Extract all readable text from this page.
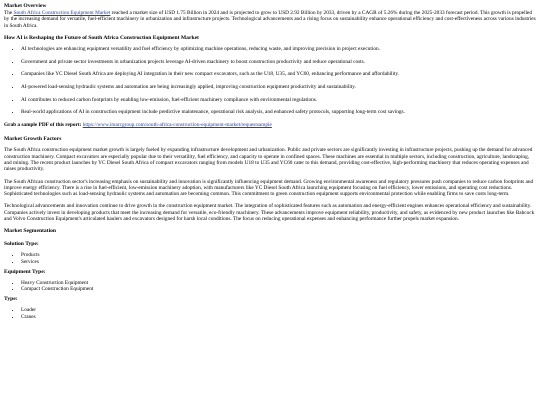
Market Overview

The South Africa Construction Equipment Market reached a market size of USD 1.75 Billion in 2024 and is projected to grow to USD 2.92 Billion by 2033, driven by a CAGR of 5.26% during the 2025-2033 forecast period. This growth is propelled by the increasing demand for versatile, fuel-efficient machinery in urbanization and infrastructure projects. Technological advancements and a rising focus on sustainability enhance operational efficiency and cost-effectiveness across various industries in South Africa.

How AI is Reshaping the Future of South Africa Construction Equipment Market
• AI technologies are enhancing equipment versatility and fuel efficiency by optimizing machine operations, reducing waste, and improving precision in project execution.
• Government and private sector investments in urbanization projects leverage AI-driven machinery to boost construction productivity and reduce operational costs.
• Companies like YC Diesel South Africa are deploying AI integration in their new compact excavators, such as the U18, U35, and YC60, enhancing performance and affordability.
• AI-powered load-sensing hydraulic systems and automation are being increasingly applied, improving construction equipment productivity and sustainability.
• AI contributes to reduced carbon footprints by enabling low-emission, fuel-efficient machinery compliance with environmental regulations.
• Real-world applications of AI in construction equipment include predictive maintenance, operational risk analysis, and enhanced safety protocols, supporting long-term cost savings.

Grab a sample PDF of this report: https://www.imarcgroup.com/south-africa-construction-equipment-market/requestsample

Market Growth Factors

The South Africa construction equipment market growth is largely fueled by expanding infrastructure development and urbanization. Public and private sectors are significantly investing in infrastructure projects, pushing up the demand for advanced construction machinery. Compact excavators are especially popular due to their versatility, fuel efficiency, and capacity to operate in confined spaces. These machines are essential in multiple sectors, including construction, agriculture, landscaping, and mining. The recent product launches by YC Diesel South Africa of compact excavators ranging from models U18 to U35 and YC60 cater to this demand, providing cost-effective, high-performing machinery that reduces operating expenses and raises productivity.

The South African construction sector's increasing emphasis on sustainability and innovation is significantly influencing equipment demand. Growing environmental awareness and regulatory pressures push companies to reduce carbon footprints and improve energy efficiency. There is a rise in fuel-efficient, low-emission machinery adoption, with manufacturers like YC Diesel South Africa launching equipment focusing on fuel efficiency, lower emissions, and operating cost reductions. Sophisticated technologies such as load-sensing hydraulic systems and automation are becoming common. This commitment to green construction equipment supports environmental protection while enabling firms to save costs long-term.

Technological advancements and innovation continue to drive growth in the construction equipment market. The integration of sophisticated features such as automation and energy-efficient engines enhances operational efficiency and sustainability. Companies actively invest in developing products that meet the increasing demand for versatile, eco-friendly machinery. These advancements improve equipment reliability, productivity, and safety, as evidenced by new product launches like Babcock and Volvo Construction Equipment's articulated haulers and excavators designed for harsh local conditions. The focus on reducing operational expenses and enhancing performance further propels market expansion.

Market Segmentation
Solution Type:
• Products
• Services
Equipment Type:
• Heavy Construction Equipment
• Compact Construction Equipment
Type:
• Loader
• Cranes
